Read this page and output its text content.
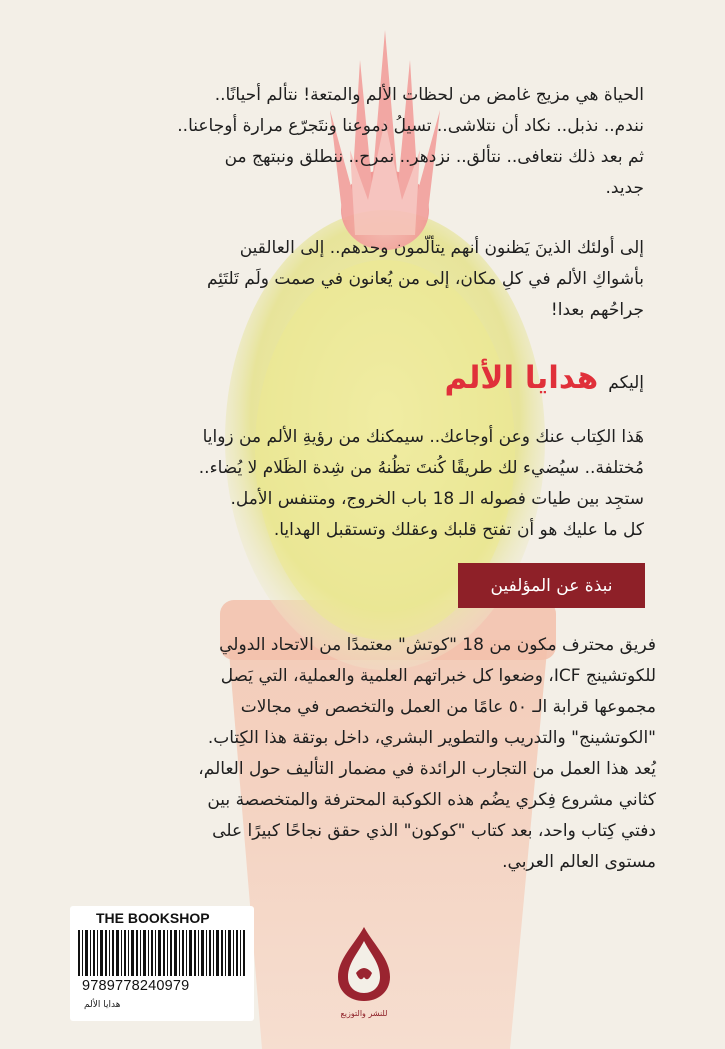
الحياة هي مزيج غامض من لحظات الألم والمتعة! نتألم أحيانًا..

نندم.. نذبل.. نكاد أن نتلاشى.. تسيلُ دموعنا ونتَجرّع مرارة أوجاعنا..

ثم بعد ذلك نتعافى.. نتألق.. نزدهر.. نمرح.. ننطلق ونبتهج من

جديد.

إلى أولئك الذينَ يَظنون أنهم يتألّمون وحدهم.. إلى العالقين

بأشواكِ الألم في كلِ مكان، إلى من يُعانون في صمت ولَم تَلتَئِم

جراحُهم بعدا!

إليكم
هدايا الألم

هَذا الكِتاب عنك وعن أوجاعك.. سيمكنك من رؤيةِ الألم من زوايا

مُختلفة.. سيُضيء لك طريقًا كُنتَ تظُنهُ من شِدة الظَلام لا يُضاء..

ستجِد بين طيات فصوله الـ 18 باب الخروج، ومتنفس الأمل.

كل ما عليك هو أن تفتح قلبك وعقلك وتستقبل الهدايا.

نبذة عن المؤلفين

فريق محترف مكون من 18 "كوتش" معتمدًا من الاتحاد الدولي

للكوتشينج ICF، وضعوا كل خبراتهم العلمية والعملية، التي يَصل

مجموعها قرابة الـ ٥٠ عامًا من العمل والتخصص في مجالات

"الكوتشينج" والتدريب والتطوير البشري، داخل بوتقة هذا الكِتاب.

يُعد هذا العمل من التجارب الرائدة في مضمار التأليف حول العالم،

كثاني مشروع فِكري يضُم هذه الكوكبة المحترفة والمتخصصة بين

دفتي كِتاب واحد، بعد كتاب "كوكون" الذي حقق نجاحًا كبيرًا على

مستوى العالم العربي.

THE BOOKSHOP
9789778240979
هدايا الألم
للنشر والتوزيع
